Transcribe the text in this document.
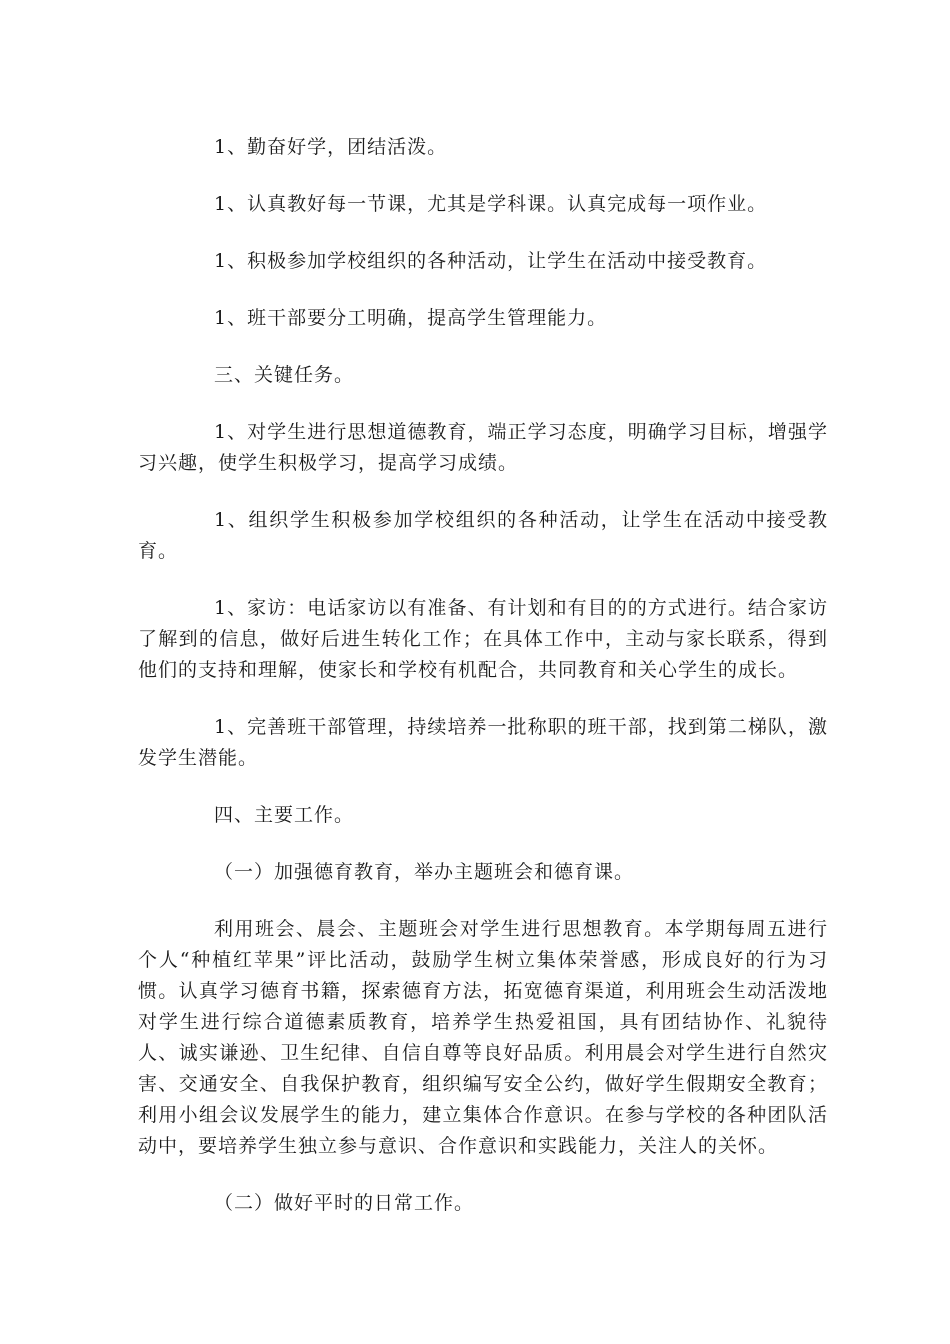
1、勤奋好学，团结活泼。

1、认真教好每一节课，尤其是学科课。认真完成每一项作业。

1、积极参加学校组织的各种活动，让学生在活动中接受教育。

1、班干部要分工明确，提高学生管理能力。

三、关键任务。

1、对学生进行思想道德教育，端正学习态度，明确学习目标，增强学习兴趣，使学生积极学习，提高学习成绩。

1、组织学生积极参加学校组织的各种活动，让学生在活动中接受教育。

1、家访：电话家访以有准备、有计划和有目的的方式进行。结合家访了解到的信息，做好后进生转化工作；在具体工作中，主动与家长联系，得到他们的支持和理解，使家长和学校有机配合，共同教育和关心学生的成长。

1、完善班干部管理，持续培养一批称职的班干部，找到第二梯队，激发学生潜能。

四、主要工作。

（一）加强德育教育，举办主题班会和德育课。

利用班会、晨会、主题班会对学生进行思想教育。本学期每周五进行个人“种植红苹果”评比活动，鼓励学生树立集体荣誉感，形成良好的行为习惯。认真学习德育书籍，探索德育方法，拓宽德育渠道，利用班会生动活泼地对学生进行综合道德素质教育，培养学生热爱祖国，具有团结协作、礼貌待人、诚实谦逊、卫生纪律、自信自尊等良好品质。利用晨会对学生进行自然灾害、交通安全、自我保护教育，组织编写安全公约，做好学生假期安全教育；利用小组会议发展学生的能力，建立集体合作意识。在参与学校的各种团队活动中，要培养学生独立参与意识、合作意识和实践能力，关注人的关怀。

（二）做好平时的日常工作。
